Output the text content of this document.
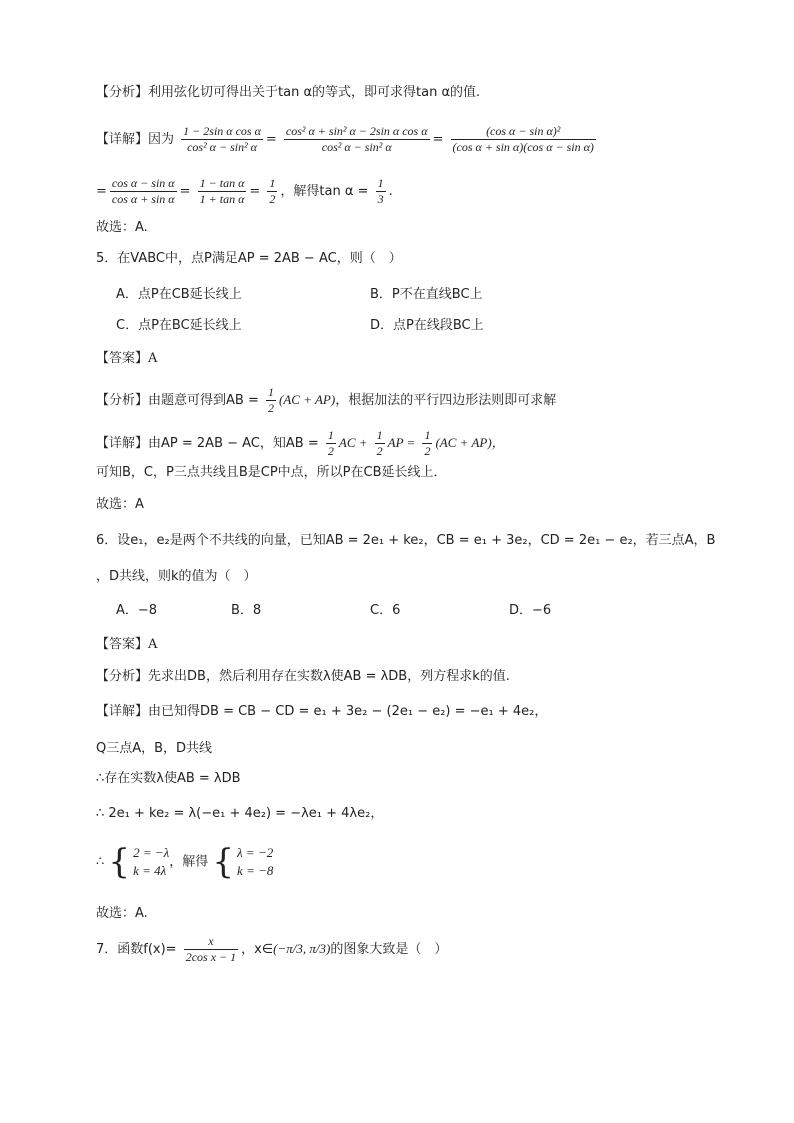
【分析】利用弦化切可得出关于tan α的等式，即可求得tan α的值.
【详解】因为 $\frac{\text{1 − 2sin α cos α}}{\text{cos² α − sin² α}} = \frac{\text{cos² α + sin² α − 2sin α cos α}}{\text{cos² α − sin² α}} = \frac{\text{(cos α − sin α)²}}{\text{(cos α + sin α)(cos α − sin α)}}$
= $\frac{\text{cos α − sin α}}{\text{cos α + sin α}} = \frac{\text{1 − tan α}}{\text{1 + tan α}} = \frac{1}{2}$ ，解得$\tan \alpha = \frac{1}{3}$ .
故选：A.
5．在VABC中，点P满足AP = 2AB − AC，则（　）
A．点P在CB延长线上	B．P不在直线BC上
C．点P在BC延长线上	D．点P在线段BC上
【答案】A
【分析】由题意可得到AB = $\frac{1}{2} (AC + AP)$，根据加法的平行四边形法则即可求解
【详解】由AP = 2AB − AC，知AB = $\frac{1}{2}$ AC + $\frac{1}{2}$ AP = $\frac{1}{2} (AC + AP)$，
可知B，C，P三点共线且B是CP中点，所以P在CB延长线上．
故选：A
6．设e₁，e₂是两个不共线的向量，已知AB = 2e₁ + ke₂，CB = e₁ + 3e₂，CD = 2e₁ − e₂，若三点A，B
，D共线，则k的值为（　）
A．−8	B．8	C．6	D．−6
【答案】A
【分析】先求出DB，然后利用存在实数λ使AB = λDB，列方程求k的值.
【详解】由已知得DB = CB − CD = e₁ + 3e₂ − (2e₁ − e₂) = −e₁ + 4e₂，
Q三点A，B，D共线
∴存在实数λ使AB = λDB
∴ 2e₁ + ke₂ = λ(−e₁ + 4e₂) = −λe₁ + 4λe₂，
∴ { 2 = −λ
k = 4λ
，解得 { λ = −2
k = −8
故选：A.
7．函数$f(x)= \frac{x}{\text{2cos x − 1}}$ ，x∈(−π/3, π/3)的图象大致是（　）
